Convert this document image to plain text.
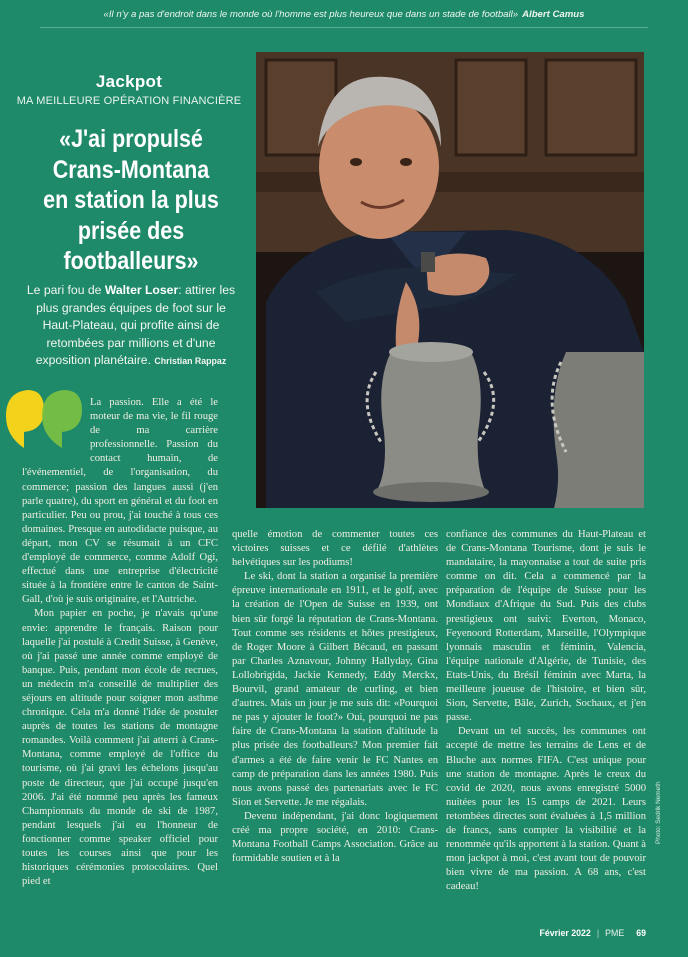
«Il n'y a pas d'endroit dans le monde où l'homme est plus heureux que dans un stade de football» Albert Camus
Jackpot
MA MEILLEURE OPÉRATION FINANCIÈRE
«J'ai propulsé Crans-Montana en station la plus prisée des footballeurs»
Le pari fou de Walter Loser: attirer les plus grandes équipes de foot sur le Haut-Plateau, qui profite ainsi de retombées par millions et d'une exposition planétaire. Christian Rappaz

La passion. Elle a été le moteur de ma vie, le fil rouge de ma carrière professionnelle. Passion du contact humain, de l'événementiel, de l'organisation, du commerce; passion des langues aussi (j'en parle quatre), du sport en général et du foot en particulier. Peu ou prou, j'ai touché à tous ces domaines. Presque en autodidacte puisque, au départ, mon CV se résumait à un CFC d'employé de commerce, comme Adolf Ogi, effectué dans une entreprise d'électricité située à la frontière entre le canton de Saint-Gall, d'où je suis originaire, et l'Autriche.

Mon papier en poche, je n'avais qu'une envie: apprendre le français. Raison pour laquelle j'ai postulé à Credit Suisse, à Genève, où j'ai passé une année comme employé de banque. Puis, pendant mon école de recrues, un médecin m'a conseillé de multiplier des séjours en altitude pour soigner mon asthme chronique. Cela m'a donné l'idée de postuler auprès de toutes les stations de montagne romandes. Voilà comment j'ai atterri à Crans-Montana, comme employé de l'office du tourisme, où j'ai gravi les échelons jusqu'au poste de directeur, que j'ai occupé jusqu'en 2006. J'ai été nommé peu après les fameux Championnats du monde de ski de 1987, pendant lesquels j'ai eu l'honneur de fonctionner comme speaker officiel pour toutes les courses ainsi que pour les historiques cérémonies protocolaires. Quel pied et

quelle émotion de commenter toutes ces victoires suisses et ce défilé d'athlètes helvétiques sur les podiums!

Le ski, dont la station a organisé la première épreuve internationale en 1911, et le golf, avec la création de l'Open de Suisse en 1939, ont bien sûr forgé la réputation de Crans-Montana. Tout comme ses résidents et hôtes prestigieux, de Roger Moore à Gilbert Bécaud, en passant par Charles Aznavour, Johnny Hallyday, Gina Lollobrigida, Jackie Kennedy, Eddy Merckx, Bourvil, grand amateur de curling, et bien d'autres. Mais un jour je me suis dit: «Pourquoi ne pas y ajouter le foot?» Oui, pourquoi ne pas faire de Crans-Montana la station d'altitude la plus prisée des footballeurs? Mon premier fait d'armes a été de faire venir le FC Nantes en camp de préparation dans les années 1980. Puis nous avons passé des partenariats avec le FC Sion et Servette. Je me régalais.

Devenu indépendant, j'ai donc logiquement créé ma propre société, en 2010: Crans-Montana Football Camps Association. Grâce au formidable soutien et à la

confiance des communes du Haut-Plateau et de Crans-Montana Tourisme, dont je suis le mandataire, la mayonnaise a tout de suite pris comme on dit. Cela a commencé par la préparation de l'équipe de Suisse pour les Mondiaux d'Afrique du Sud. Puis des clubs prestigieux ont suivi: Everton, Monaco, Feyenoord Rotterdam, Marseille, l'Olympique lyonnais masculin et féminin, Valencia, l'équipe nationale d'Algérie, de Tunisie, des Etats-Unis, du Brésil féminin avec Marta, la meilleure joueuse de l'histoire, et bien sûr, Sion, Servette, Bâle, Zurich, Sochaux, et j'en passe.

Devant un tel succès, les communes ont accepté de mettre les terrains de Lens et de Bluche aux normes FIFA. C'est unique pour une station de montagne. Après le creux du covid de 2020, nous avons enregistré 5000 nuitées pour les 15 camps de 2021. Leurs retombées directes sont évaluées à 1,5 million de francs, sans compter la visibilité et la renommée qu'ils apportent à la station. Quant à mon jackpot à moi, c'est avant tout de pouvoir bien vivre de ma passion. A 68 ans, c'est cadeau!

Photo: Sedrik Nemeth
Février 2022 | PME 69
